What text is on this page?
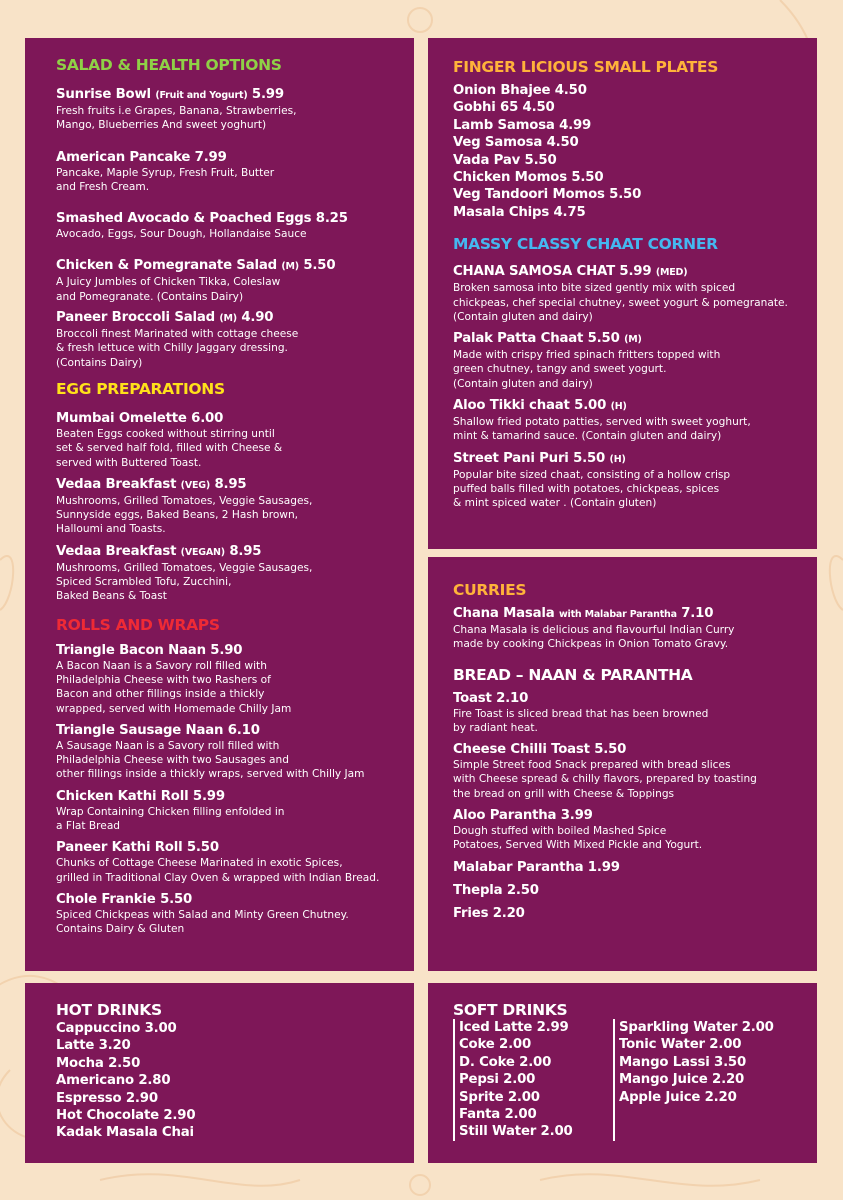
SALAD & HEALTH OPTIONS
Sunrise Bowl (Fruit and Yogurt) 5.99
Fresh fruits i.e Grapes, Banana, Strawberries,
Mango, Blueberries And sweet yoghurt)
American Pancake 7.99
Pancake, Maple Syrup, Fresh Fruit, Butter
and Fresh Cream.
Smashed Avocado & Poached Eggs 8.25
Avocado, Eggs, Sour Dough, Hollandaise Sauce
Chicken & Pomegranate Salad (M) 5.50
A Juicy Jumbles of Chicken Tikka, Coleslaw
and Pomegranate. (Contains Dairy)
Paneer Broccoli Salad (M) 4.90
Broccoli finest Marinated with cottage cheese
& fresh lettuce with Chilly Jaggary dressing.
(Contains Dairy)
EGG PREPARATIONS
Mumbai Omelette 6.00
Beaten Eggs cooked without stirring until
set & served half fold, filled with Cheese &
served with Buttered Toast.
Vedaa Breakfast (VEG) 8.95
Mushrooms, Grilled Tomatoes, Veggie Sausages,
Sunnyside eggs, Baked Beans, 2 Hash brown,
Halloumi and Toasts.
Vedaa Breakfast (VEGAN) 8.95
Mushrooms, Grilled Tomatoes, Veggie Sausages,
Spiced Scrambled Tofu, Zucchini,
Baked Beans & Toast
ROLLS AND WRAPS
Triangle Bacon Naan 5.90
A Bacon Naan is a Savory roll filled with
Philadelphia Cheese with two Rashers of
Bacon and other fillings inside a thickly
wrapped, served with Homemade Chilly Jam
Triangle Sausage Naan 6.10
A Sausage Naan is a Savory roll filled with
Philadelphia Cheese with two Sausages and
other fillings inside a thickly wraps, served with Chilly Jam
Chicken Kathi Roll 5.99
Wrap Containing Chicken filling enfolded in
a Flat Bread
Paneer Kathi Roll 5.50
Chunks of Cottage Cheese Marinated in exotic Spices,
grilled in Traditional Clay Oven & wrapped with Indian Bread.
Chole Frankie 5.50
Spiced Chickpeas with Salad and Minty Green Chutney.
Contains Dairy & Gluten
FINGER LICIOUS SMALL PLATES
Onion Bhajee 4.50
Gobhi 65 4.50
Lamb Samosa 4.99
Veg Samosa 4.50
Vada Pav 5.50
Chicken Momos 5.50
Veg Tandoori Momos 5.50
Masala Chips 4.75
MASSY CLASSY CHAAT CORNER
CHANA SAMOSA CHAT 5.99 (MED)
Broken samosa into bite sized gently mix with spiced
chickpeas, chef special chutney, sweet yogurt & pomegranate.
(Contain gluten and dairy)
Palak Patta Chaat 5.50 (M)
Made with crispy fried spinach fritters topped with
green chutney, tangy and sweet yogurt.
(Contain gluten and dairy)
Aloo Tikki chaat 5.00 (H)
Shallow fried potato patties, served with sweet yoghurt,
mint & tamarind sauce. (Contain gluten and dairy)
Street Pani Puri 5.50 (H)
Popular bite sized chaat, consisting of a hollow crisp
puffed balls filled with potatoes, chickpeas, spices
& mint spiced water . (Contain gluten)
CURRIES
Chana Masala with Malabar Parantha 7.10
Chana Masala is delicious and flavourful Indian Curry
made by cooking Chickpeas in Onion Tomato Gravy.
BREAD – NAAN & PARANTHA
Toast 2.10
Fire Toast is sliced bread that has been browned
by radiant heat.
Cheese Chilli Toast 5.50
Simple Street food Snack prepared with bread slices
with Cheese spread & chilly flavors, prepared by toasting
the bread on grill with Cheese & Toppings
Aloo Parantha 3.99
Dough stuffed with boiled Mashed Spice
Potatoes, Served With Mixed Pickle and Yogurt.
Malabar Parantha 1.99
Thepla 2.50
Fries 2.20
HOT DRINKS
Cappuccino 3.00
Latte 3.20
Mocha 2.50
Americano 2.80
Espresso 2.90
Hot Chocolate 2.90
Kadak Masala Chai
SOFT DRINKS
Iced Latte 2.99
Coke 2.00
D. Coke 2.00
Pepsi 2.00
Sprite 2.00
Fanta 2.00
Still Water 2.00
Sparkling Water 2.00
Tonic Water 2.00
Mango Lassi 3.50
Mango Juice 2.20
Apple Juice 2.20
